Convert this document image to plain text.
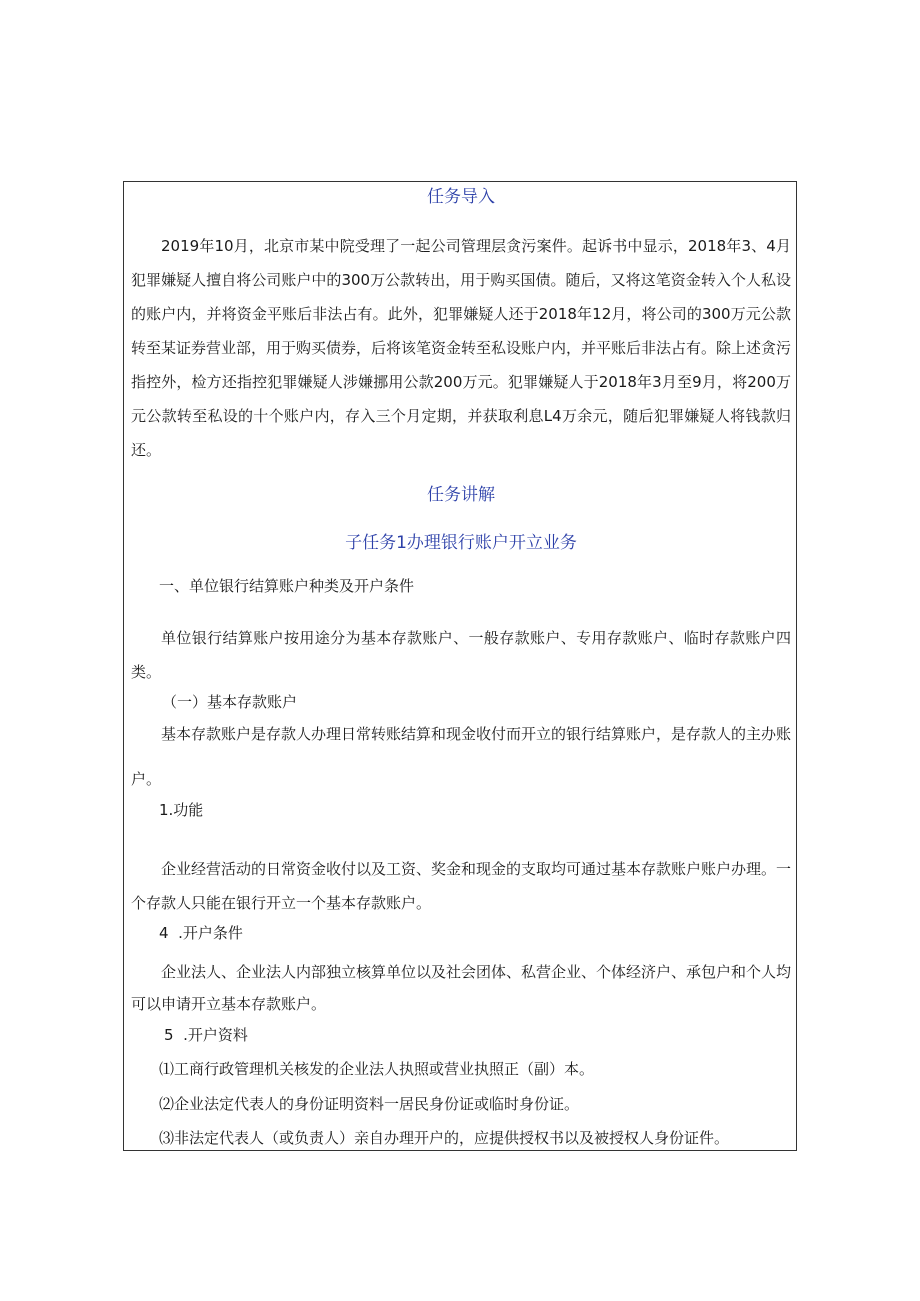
任务导入

2019年10月，北京市某中院受理了一起公司管理层贪污案件。起诉书中显示，2018年3、4月犯罪嫌疑人擅自将公司账户中的300万公款转出，用于购买国债。随后，又将这笔资金转入个人私设的账户内，并将资金平账后非法占有。此外，犯罪嫌疑人还于2018年12月，将公司的300万元公款转至某证券营业部，用于购买债券，后将该笔资金转至私设账户内，并平账后非法占有。除上述贪污指控外，检方还指控犯罪嫌疑人涉嫌挪用公款200万元。犯罪嫌疑人于2018年3月至9月，将200万元公款转至私设的十个账户内，存入三个月定期，并获取利息L4万余元，随后犯罪嫌疑人将钱款归还。

任务讲解

子任务1办理银行账户开立业务

一、单位银行结算账户种类及开户条件

单位银行结算账户按用途分为基本存款账户、一般存款账户、专用存款账户、临时存款账户四类。

（一）基本存款账户

基本存款账户是存款人办理日常转账结算和现金收付而开立的银行结算账户，是存款人的主办账户。

1.功能

企业经营活动的日常资金收付以及工资、奖金和现金的支取均可通过基本存款账户账户办理。一个存款人只能在银行开立一个基本存款账户。

4  .开户条件

企业法人、企业法人内部独立核算单位以及社会团体、私营企业、个体经济户、承包户和个人均可以申请开立基本存款账户。

5  .开户资料

⑴工商行政管理机关核发的企业法人执照或营业执照正（副）本。

⑵企业法定代表人的身份证明资料一居民身份证或临时身份证。

⑶非法定代表人（或负责人）亲自办理开户的，应提供授权书以及被授权人身份证件。
